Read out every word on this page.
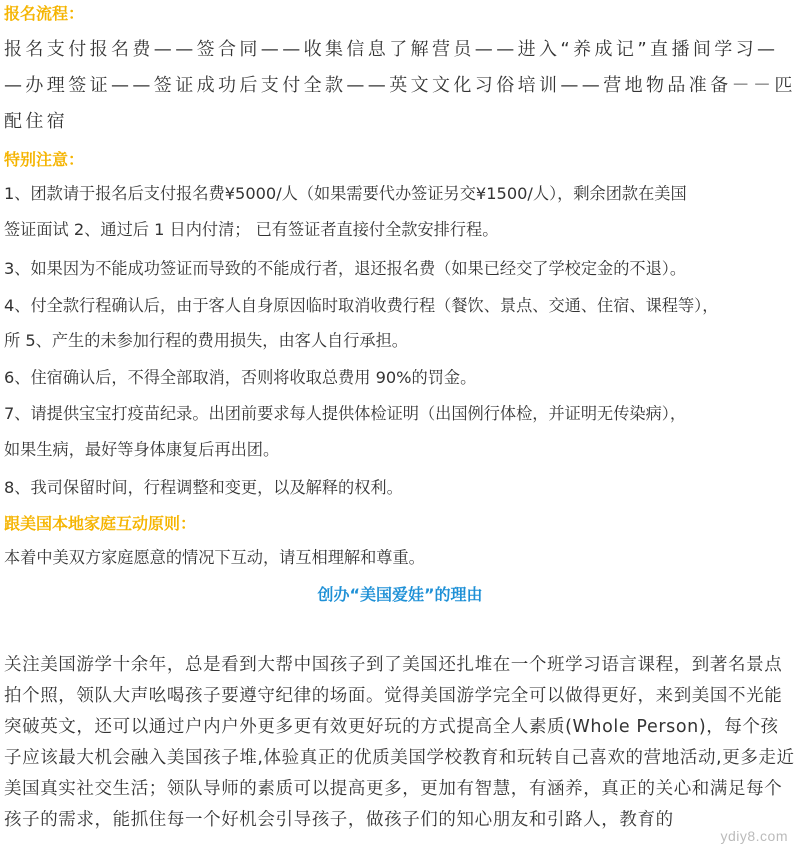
报名流程：
报名支付报名费——签合同——收集信息了解营员——进入“养成记”直播间学习—
—办理签证——签证成功后支付全款——英文文化习俗培训——营地物品准备－－匹
配住宿
特别注意：
1、团款请于报名后支付报名费¥5000/人（如果需要代办签证另交¥1500/人），剩余团款在美国
签证面试 2、通过后 1 日内付清； 已有签证者直接付全款安排行程。
3、如果因为不能成功签证而导致的不能成行者，退还报名费（如果已经交了学校定金的不退）。
4、付全款行程确认后，由于客人自身原因临时取消收费行程（餐饮、景点、交通、住宿、课程等），
所 5、产生的未参加行程的费用损失，由客人自行承担。
6、住宿确认后，不得全部取消，否则将收取总费用 90%的罚金。
7、请提供宝宝打疫苗纪录。出团前要求每人提供体检证明（出国例行体检，并证明无传染病），
如果生病，最好等身体康复后再出团。
8、我司保留时间，行程调整和变更，以及解释的权利。
跟美国本地家庭互动原则：
本着中美双方家庭愿意的情况下互动，请互相理解和尊重。
创办“美国爱娃”的理由
关注美国游学十余年，总是看到大帮中国孩子到了美国还扎堆在一个班学习语言课程，到著名景点拍个照，领队大声吆喝孩子要遵守纪律的场面。觉得美国游学完全可以做得更好，来到美国不光能突破英文，还可以通过户内户外更多更有效更好玩的方式提高全人素质(Whole Person)，每个孩子应该最大机会融入美国孩子堆,体验真正的优质美国学校教育和玩转自己喜欢的营地活动,更多走近美国真实社交生活；领队导师的素质可以提高更多，更加有智慧，有涵养，真正的关心和满足每个孩子的需求，能抓住每一个好机会引导孩子，做孩子们的知心朋友和引路人，教育的
ydiy8.com
